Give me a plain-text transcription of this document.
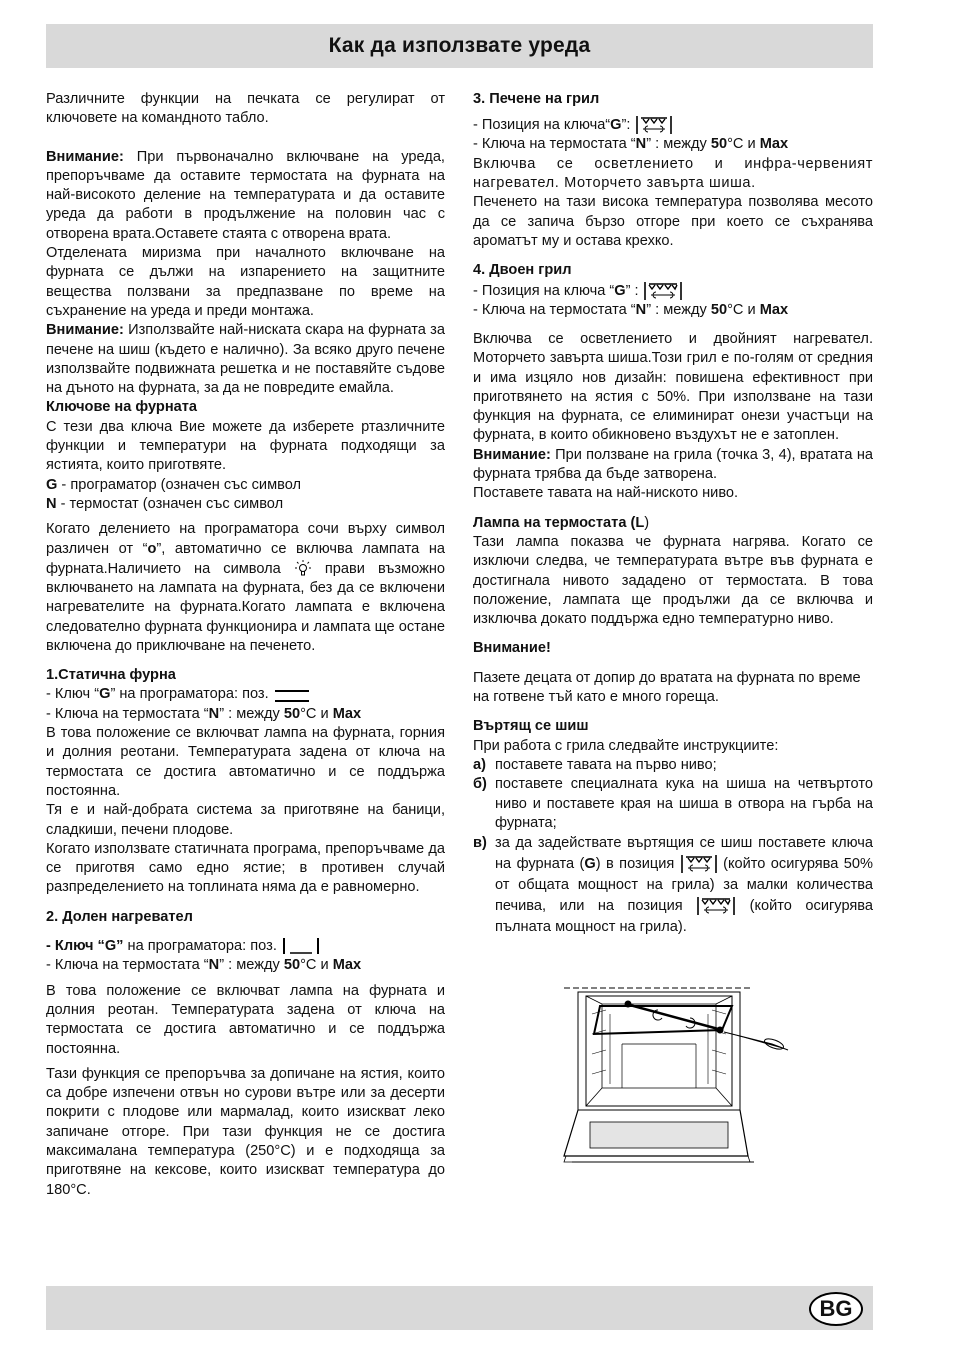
Как да използвате уреда

Различните функции на печката се регулират от ключовете на командното табло.

Внимание: При първоначално включване на уреда, препоръчваме да оставите термостата на фурната на най-високото деление на температурата и да оставите уреда да работи в продължение на половин час с отворена врата.Оставете стаята с отворена врата.

Отделената миризма при началното включване на фурната се дължи на изпарението на защитните вещества ползвани за предпазване по време на съхранение на уреда и преди монтажа.

Внимание: Използвайте най-ниската скара на фурната за печене на шиш (където е налично). За всяко друго печене използвайте подвижната решетка и не поставяйте съдове на дъното на фурната, за да не повредите емайла.

Ключове на фурната

С тези два ключа Вие можете да изберете ртазличните функции и температури на фурната подходящи за ястията, които приготвяте.

G - програматор (означен със символ

N - термостат (означен със символ

Когато делението на програматора сочи върху символ различен от “o”, автоматично се включва лампата на фурната.Наличието на символа  прави възможно включването на лампата на фурната, без да се включени нагревателите на фурната.Когато лампата е включена следователно фурната функционира и лампата ще остане включена до приключване на печенето.

1.Статична фурна

- Ключ “G” на програматора: поз.

- Ключа на термостата “N” : между 50°C и Max

В това положение се включват лампа на фурната, горния и долния реотани. Температурата задена от ключа на термостата се достига автоматично и се поддържа постоянна.

Тя е и най-добрата система за приготвяне на баници, сладкиши, печени плодове.

Когато използвате статичната програма, препоръчваме да се приготвя само едно ястие; в противен случай разпределението на топлината няма да е равномерно.

2. Долен нагревател

- Ключ “G” на програматора: поз.

- Ключа на термостата “N” : между 50°C и Max

В това положение се включват лампа на фурната и долния реотан. Температурата задена от ключа на термостата се достига автоматично и се поддържа постоянна.

Тази функция се препоръчва за допичане на ястия, които са добре изпечени отвън но сурови вътре или за десерти покрити с плодове или мармалад, които изискват леко запичане отгоре. При тази функция не се достига максималана температура (250°C) и е подходяща за приготвяне на кексове, които изискват температура до 180°C.

3. Печене на грил

- Позиция на ключа“G”:

- Ключа на термостата “N” : между 50°C и Max

Включва се осветлението и инфра-червеният нагревател. Моторчето завърта шиша.

Печенето на тази висока температура позволява месото да се запича бързо отгоре при което се съхранява ароматът му и остава крехко.

4. Двоен грил

- Позиция на ключа “G” :

- Ключа на термостата “N” : между 50°C и Max

Включва се осветлението и двойният нагревател. Моторчето завърта шиша.Този грил е по-голям от средния и има изцяло нов дизайн: повишена ефективност при приготвянето на ястия с 50%. При използване на тази функция на фурната, се елиминират онези участъци на фурната, в които обикновено въздухът не е затоплен.

Внимание: При ползване на грила (точка 3, 4), вратата на фурната трябва да бъде затворена.

Поставете тавата на най-ниското ниво.

Лампа на термостата (L)

Тази лампа показва че фурната нагрява. Когато се изключи следва, че температурата вътре във фурната е достигнала нивото зададено от термостата. В това положение, лампата ще продължи да се включва и изключва докато поддържа едно температурно ниво.

Внимание!

Пазете децата от допир до вратата на фурната по време на готвене тъй като е много гореща.

Въртящ се шиш

При работа с грила следвайте инструкциите:

а) поставете тавата на първо ниво;
б) поставете специалната кука на шиша на четвъртото ниво и поставете края на шиша в отвора на гърба на фурната;
в) за да задействате въртящия се шиш поставете ключа на фурната (G) в позиция	(който осигурява 50% от общата мощност на грила) за малки количества печива, или на позиция	(който осигурява пълната мощност на грила).
BG
